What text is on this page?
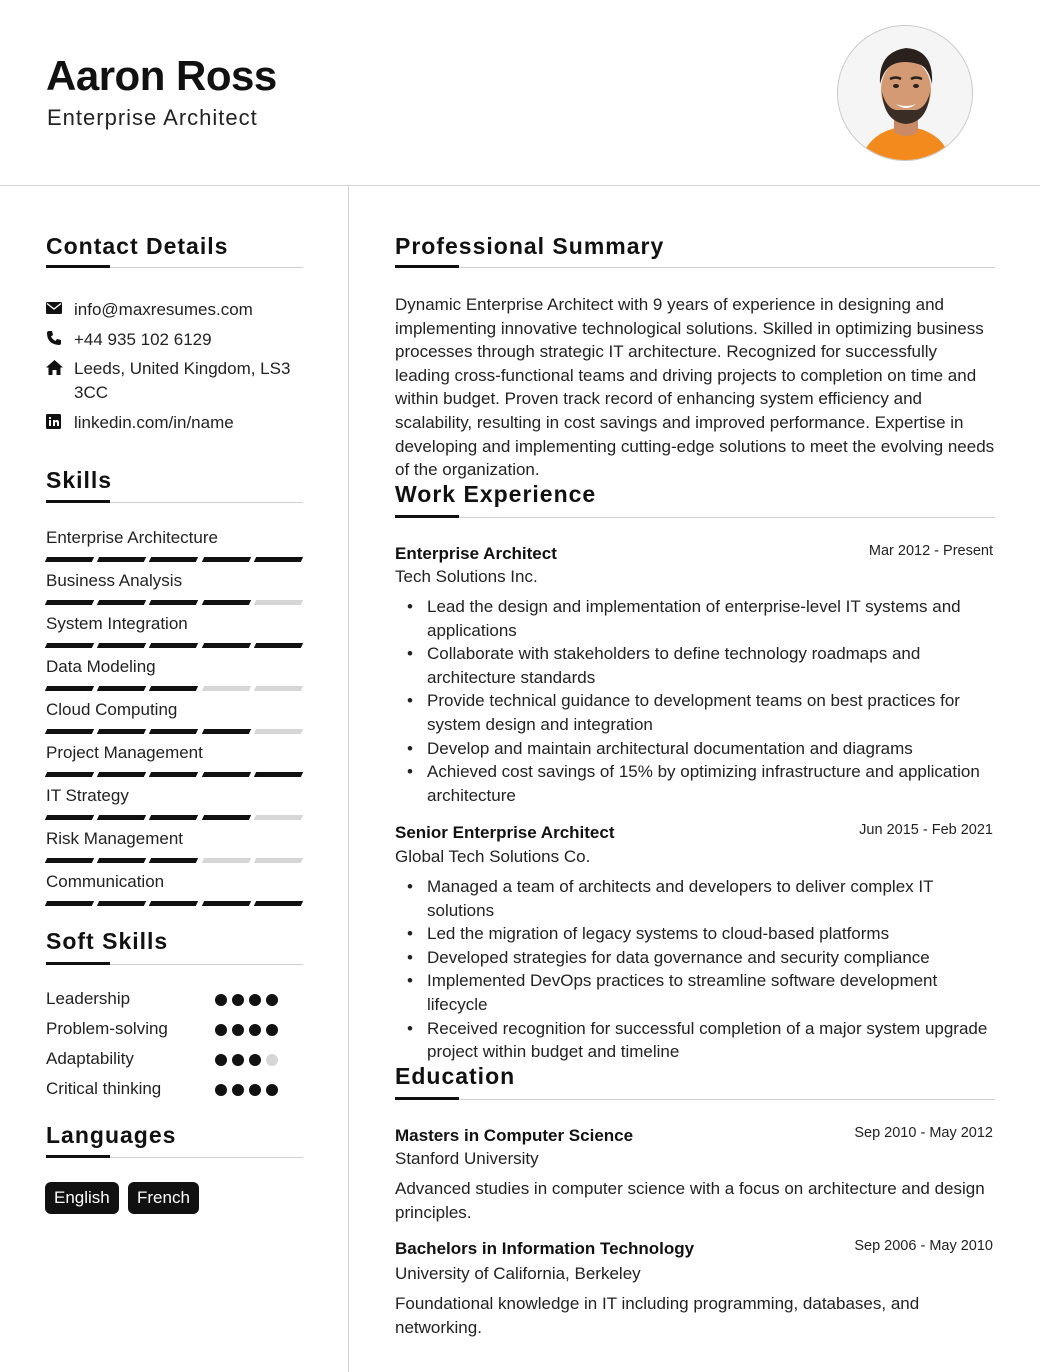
Aaron Ross
Enterprise Architect
Contact Details
info@maxresumes.com
+44 935 102 6129
Leeds, United Kingdom, LS3 3CC
linkedin.com/in/name
Skills
Enterprise Architecture
Business Analysis
System Integration
Data Modeling
Cloud Computing
Project Management
IT Strategy
Risk Management
Communication
Soft Skills
Leadership
Problem-solving
Adaptability
Critical thinking
Languages
English	French
Professional Summary
Dynamic Enterprise Architect with 9 years of experience in designing and implementing innovative technological solutions. Skilled in optimizing business processes through strategic IT architecture. Recognized for successfully leading cross-functional teams and driving projects to completion on time and within budget. Proven track record of enhancing system efficiency and scalability, resulting in cost savings and improved performance. Expertise in developing and implementing cutting-edge solutions to meet the evolving needs of the organization.
Work Experience
Enterprise Architect	Mar 2012 - Present
Tech Solutions Inc.
• Lead the design and implementation of enterprise-level IT systems and applications
• Collaborate with stakeholders to define technology roadmaps and architecture standards
• Provide technical guidance to development teams on best practices for system design and integration
• Develop and maintain architectural documentation and diagrams
• Achieved cost savings of 15% by optimizing infrastructure and application architecture
Senior Enterprise Architect	Jun 2015 - Feb 2021
Global Tech Solutions Co.
• Managed a team of architects and developers to deliver complex IT solutions
• Led the migration of legacy systems to cloud-based platforms
• Developed strategies for data governance and security compliance
• Implemented DevOps practices to streamline software development lifecycle
• Received recognition for successful completion of a major system upgrade project within budget and timeline
Education
Masters in Computer Science	Sep 2010 - May 2012
Stanford University
Advanced studies in computer science with a focus on architecture and design principles.
Bachelors in Information Technology	Sep 2006 - May 2010
University of California, Berkeley
Foundational knowledge in IT including programming, databases, and networking.
